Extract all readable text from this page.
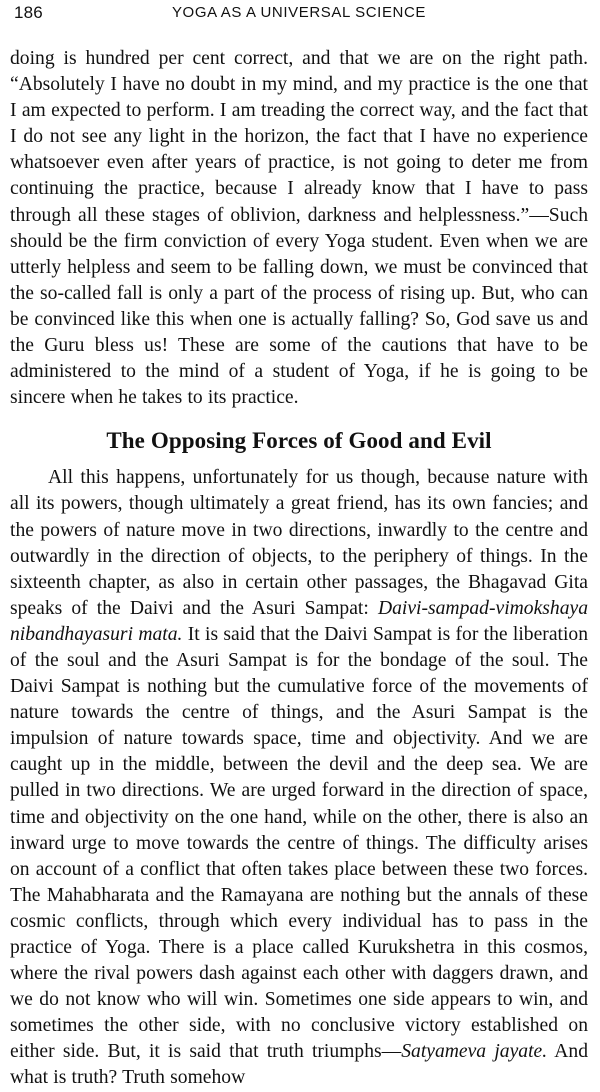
186	YOGA AS A UNIVERSAL SCIENCE

doing is hundred per cent correct, and that we are on the right path. “Absolutely I have no doubt in my mind, and my practice is the one that I am expected to perform. I am treading the correct way, and the fact that I do not see any light in the horizon, the fact that I have no experience whatsoever even after years of practice, is not going to deter me from continuing the practice, because I already know that I have to pass through all these stages of oblivion, darkness and helplessness.”—Such should be the firm conviction of every Yoga student. Even when we are utterly helpless and seem to be falling down, we must be convinced that the so-called fall is only a part of the process of rising up. But, who can be convinced like this when one is actually falling? So, God save us and the Guru bless us! These are some of the cautions that have to be administered to the mind of a student of Yoga, if he is going to be sincere when he takes to its practice.

The Opposing Forces of Good and Evil

All this happens, unfortunately for us though, because nature with all its powers, though ultimately a great friend, has its own fancies; and the powers of nature move in two directions, inwardly to the centre and outwardly in the direction of objects, to the periphery of things. In the sixteenth chapter, as also in certain other passages, the Bhagavad Gita speaks of the Daivi and the Asuri Sampat: Daivi-sampad-vimokshaya nibandhayasuri mata. It is said that the Daivi Sampat is for the liberation of the soul and the Asuri Sampat is for the bondage of the soul. The Daivi Sampat is nothing but the cumulative force of the movements of nature towards the centre of things, and the Asuri Sampat is the impulsion of nature towards space, time and objectivity. And we are caught up in the middle, between the devil and the deep sea. We are pulled in two directions. We are urged forward in the direction of space, time and objectivity on the one hand, while on the other, there is also an inward urge to move towards the centre of things. The difficulty arises on account of a conflict that often takes place between these two forces. The Mahabharata and the Ramayana are nothing but the annals of these cosmic conflicts, through which every individual has to pass in the practice of Yoga. There is a place called Kurukshetra in this cosmos, where the rival powers dash against each other with daggers drawn, and we do not know who will win. Sometimes one side appears to win, and sometimes the other side, with no conclusive victory established on either side. But, it is said that truth triumphs—Satyameva jayate. And what is truth? Truth somehow
